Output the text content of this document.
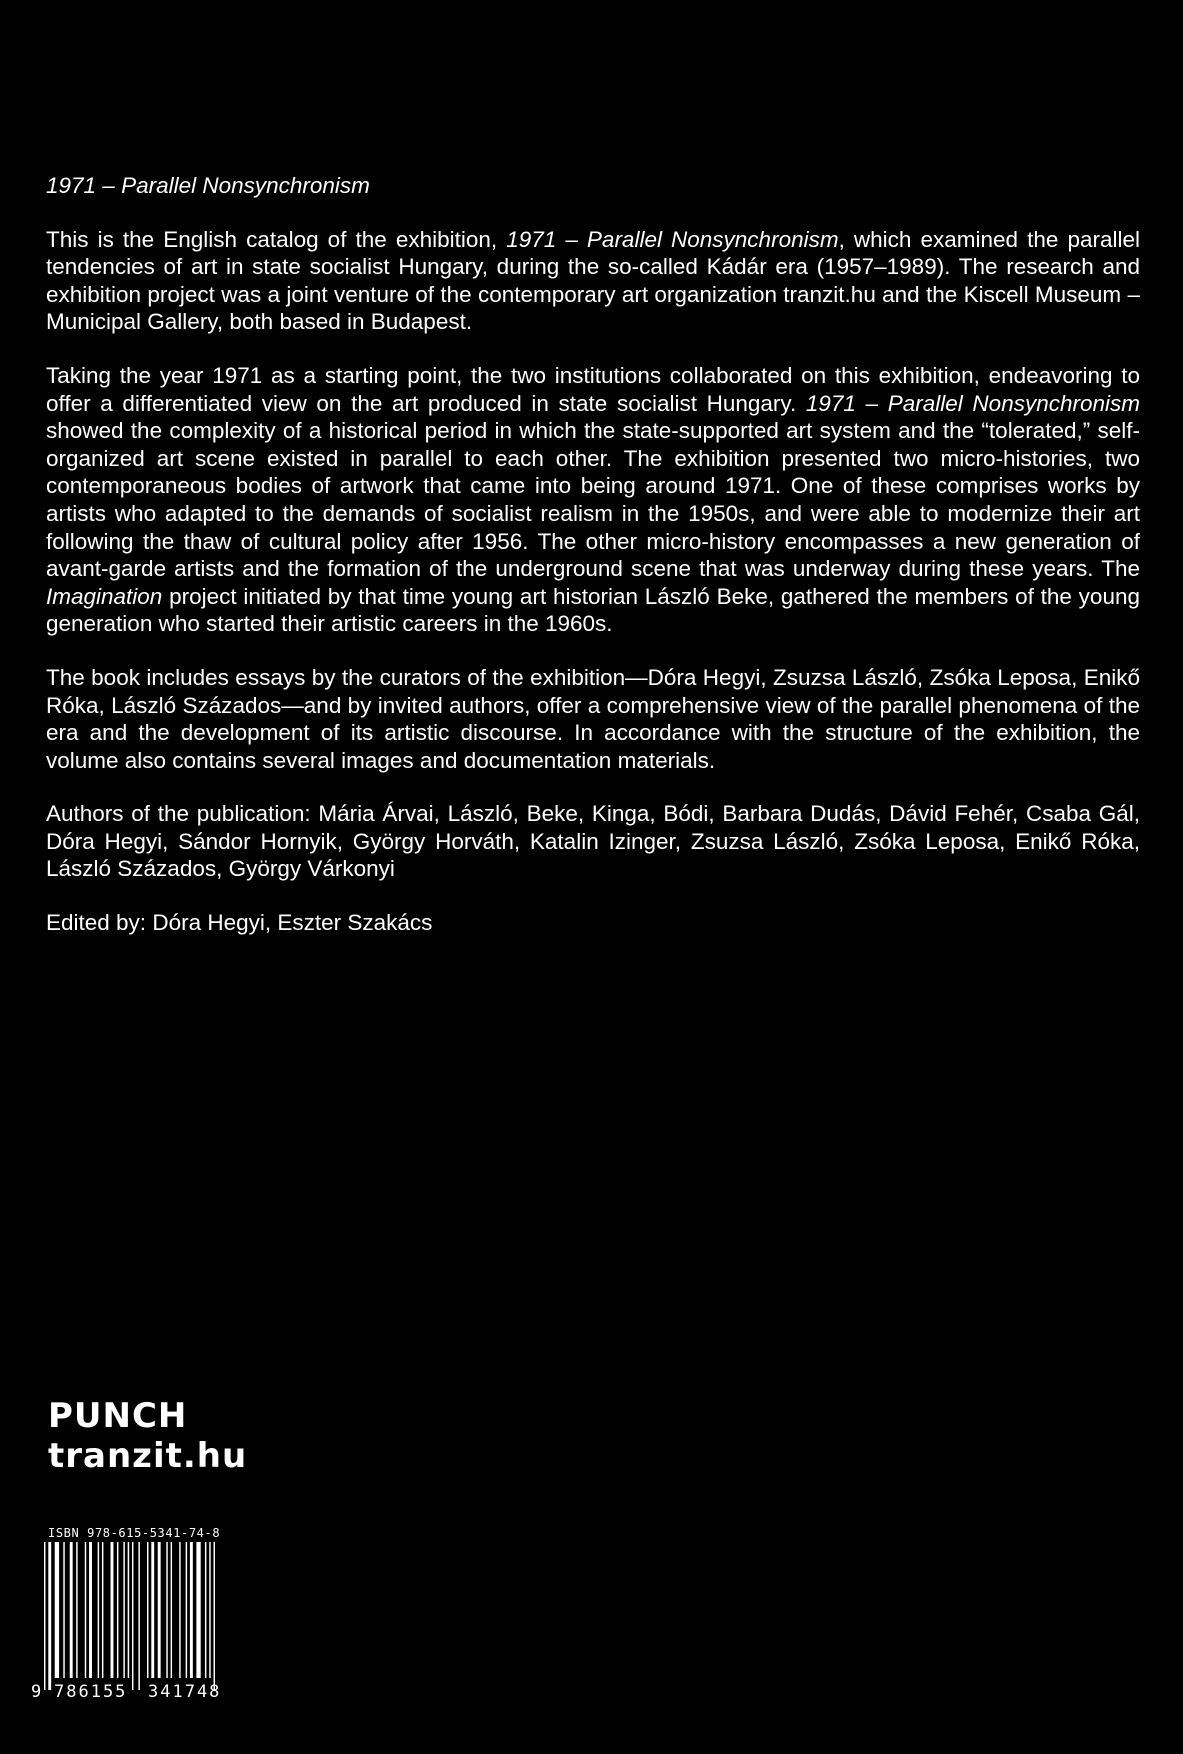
1971 – Parallel Nonsynchronism

This is the English catalog of the exhibition, 1971 – Parallel Nonsynchronism, which examined the parallel tendencies of art in state socialist Hungary, during the so-called Kádár era (1957–1989). The research and exhibition project was a joint venture of the contemporary art organization tranzit.hu and the Kiscell Museum – Municipal Gallery, both based in Budapest.

Taking the year 1971 as a starting point, the two institutions collaborated on this exhibition, endeavoring to offer a differentiated view on the art produced in state socialist Hungary. 1971 – Parallel Nonsynchronism showed the complexity of a historical period in which the state-supported art system and the “tolerated,” self-organized art scene existed in parallel to each other. The exhibition presented two micro-histories, two contemporaneous bodies of artwork that came into being around 1971. One of these comprises works by artists who adapted to the demands of socialist realism in the 1950s, and were able to modernize their art following the thaw of cultural policy after 1956. The other micro-history encompasses a new generation of avant-garde artists and the formation of the underground scene that was underway during these years. The Imagination project initiated by that time young art historian László Beke, gathered the members of the young generation who started their artistic careers in the 1960s.

The book includes essays by the curators of the exhibition—Dóra Hegyi, Zsuzsa László, Zsóka Leposa, Enikő Róka, László Százados—and by invited authors, offer a comprehensive view of the parallel phenomena of the era and the development of its artistic discourse. In accordance with the structure of the exhibition, the volume also contains several images and documentation materials.

Authors of the publication: Mária Árvai, László, Beke, Kinga, Bódi, Barbara Dudás, Dávid Fehér, Csaba Gál, Dóra Hegyi, Sándor Hornyik, György Horváth, Katalin Izinger, Zsuzsa László, Zsóka Leposa, Enikő Róka, László Százados, György Várkonyi

Edited by: Dóra Hegyi, Eszter Szakács

PUNCH
tranzit.hu
ISBN 978-615-5341-74-8
9 786155 341748
